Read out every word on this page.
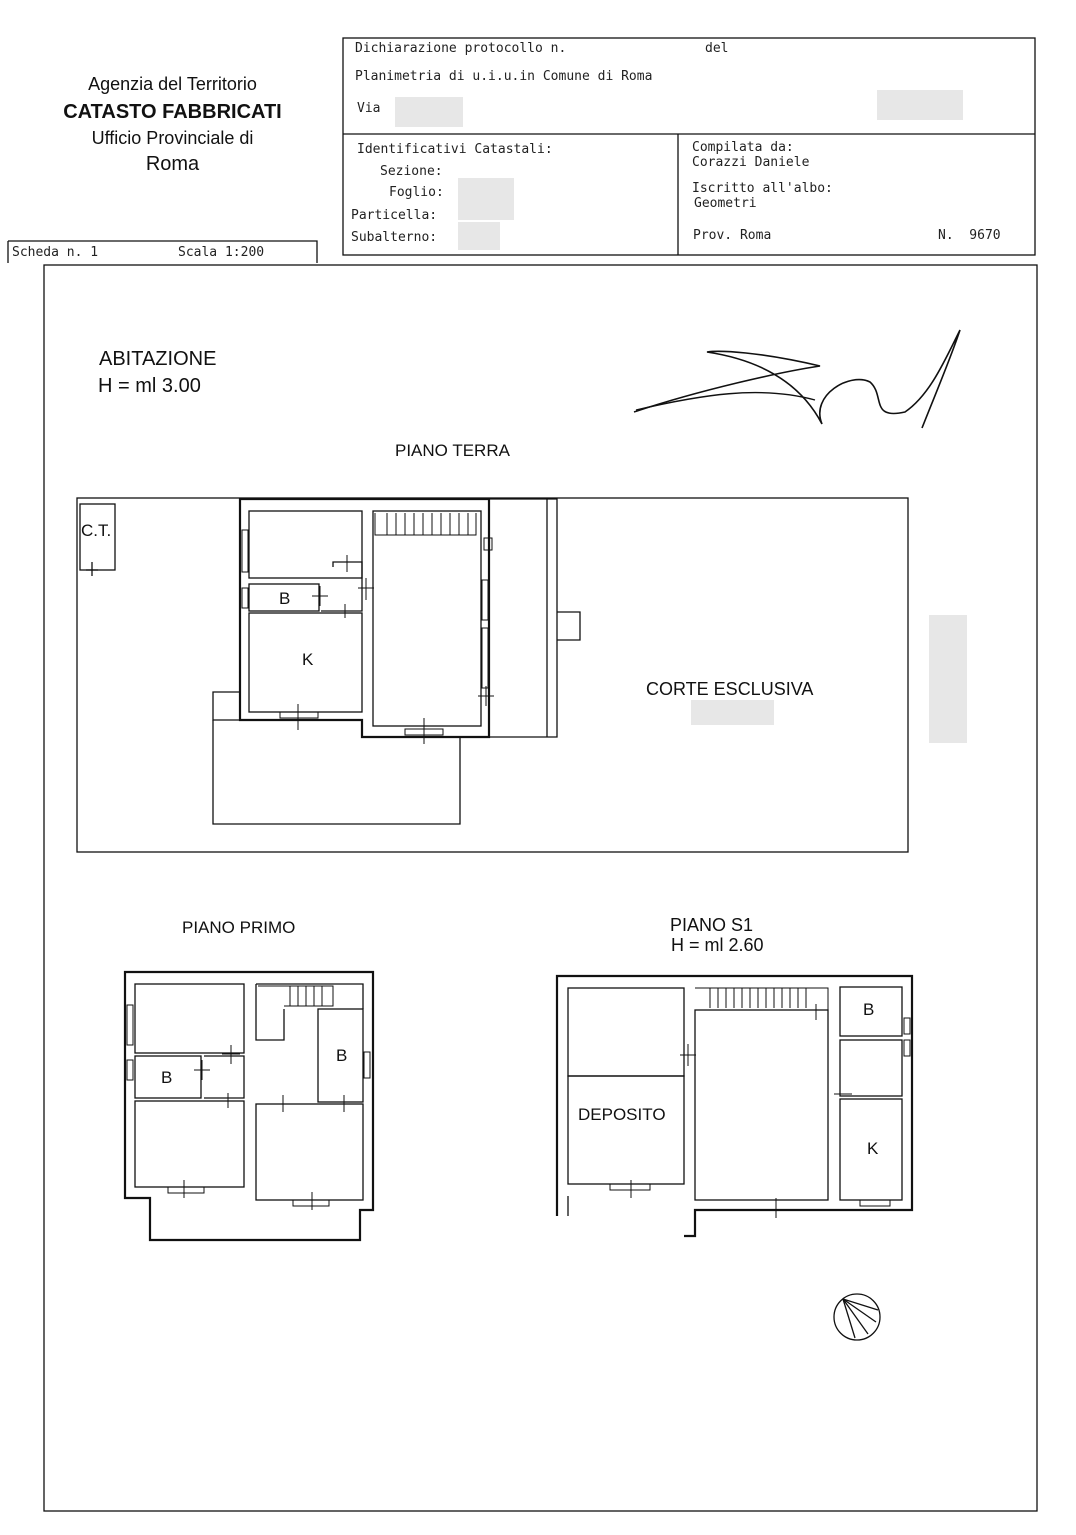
Agenzia del Territorio
CATASTO FABBRICATI
Ufficio Provinciale di
Roma
Scheda n. 1	Scala 1:200
Dichiarazione protocollo n.	del
Planimetria di u.i.u.in Comune di Roma
Via
Identificativi Catastali:
Sezione:
Foglio:
Particella:
Subalterno:
Compilata da:
Corazzi Daniele
Iscritto all'albo:
Geometri
Prov. Roma	N.  9670
ABITAZIONE
H = ml 3.00
PIANO TERRA
C.T.
B
K
CORTE ESCLUSIVA
PIANO PRIMO
B
B
PIANO S1
H = ml 2.60
DEPOSITO
B
K
